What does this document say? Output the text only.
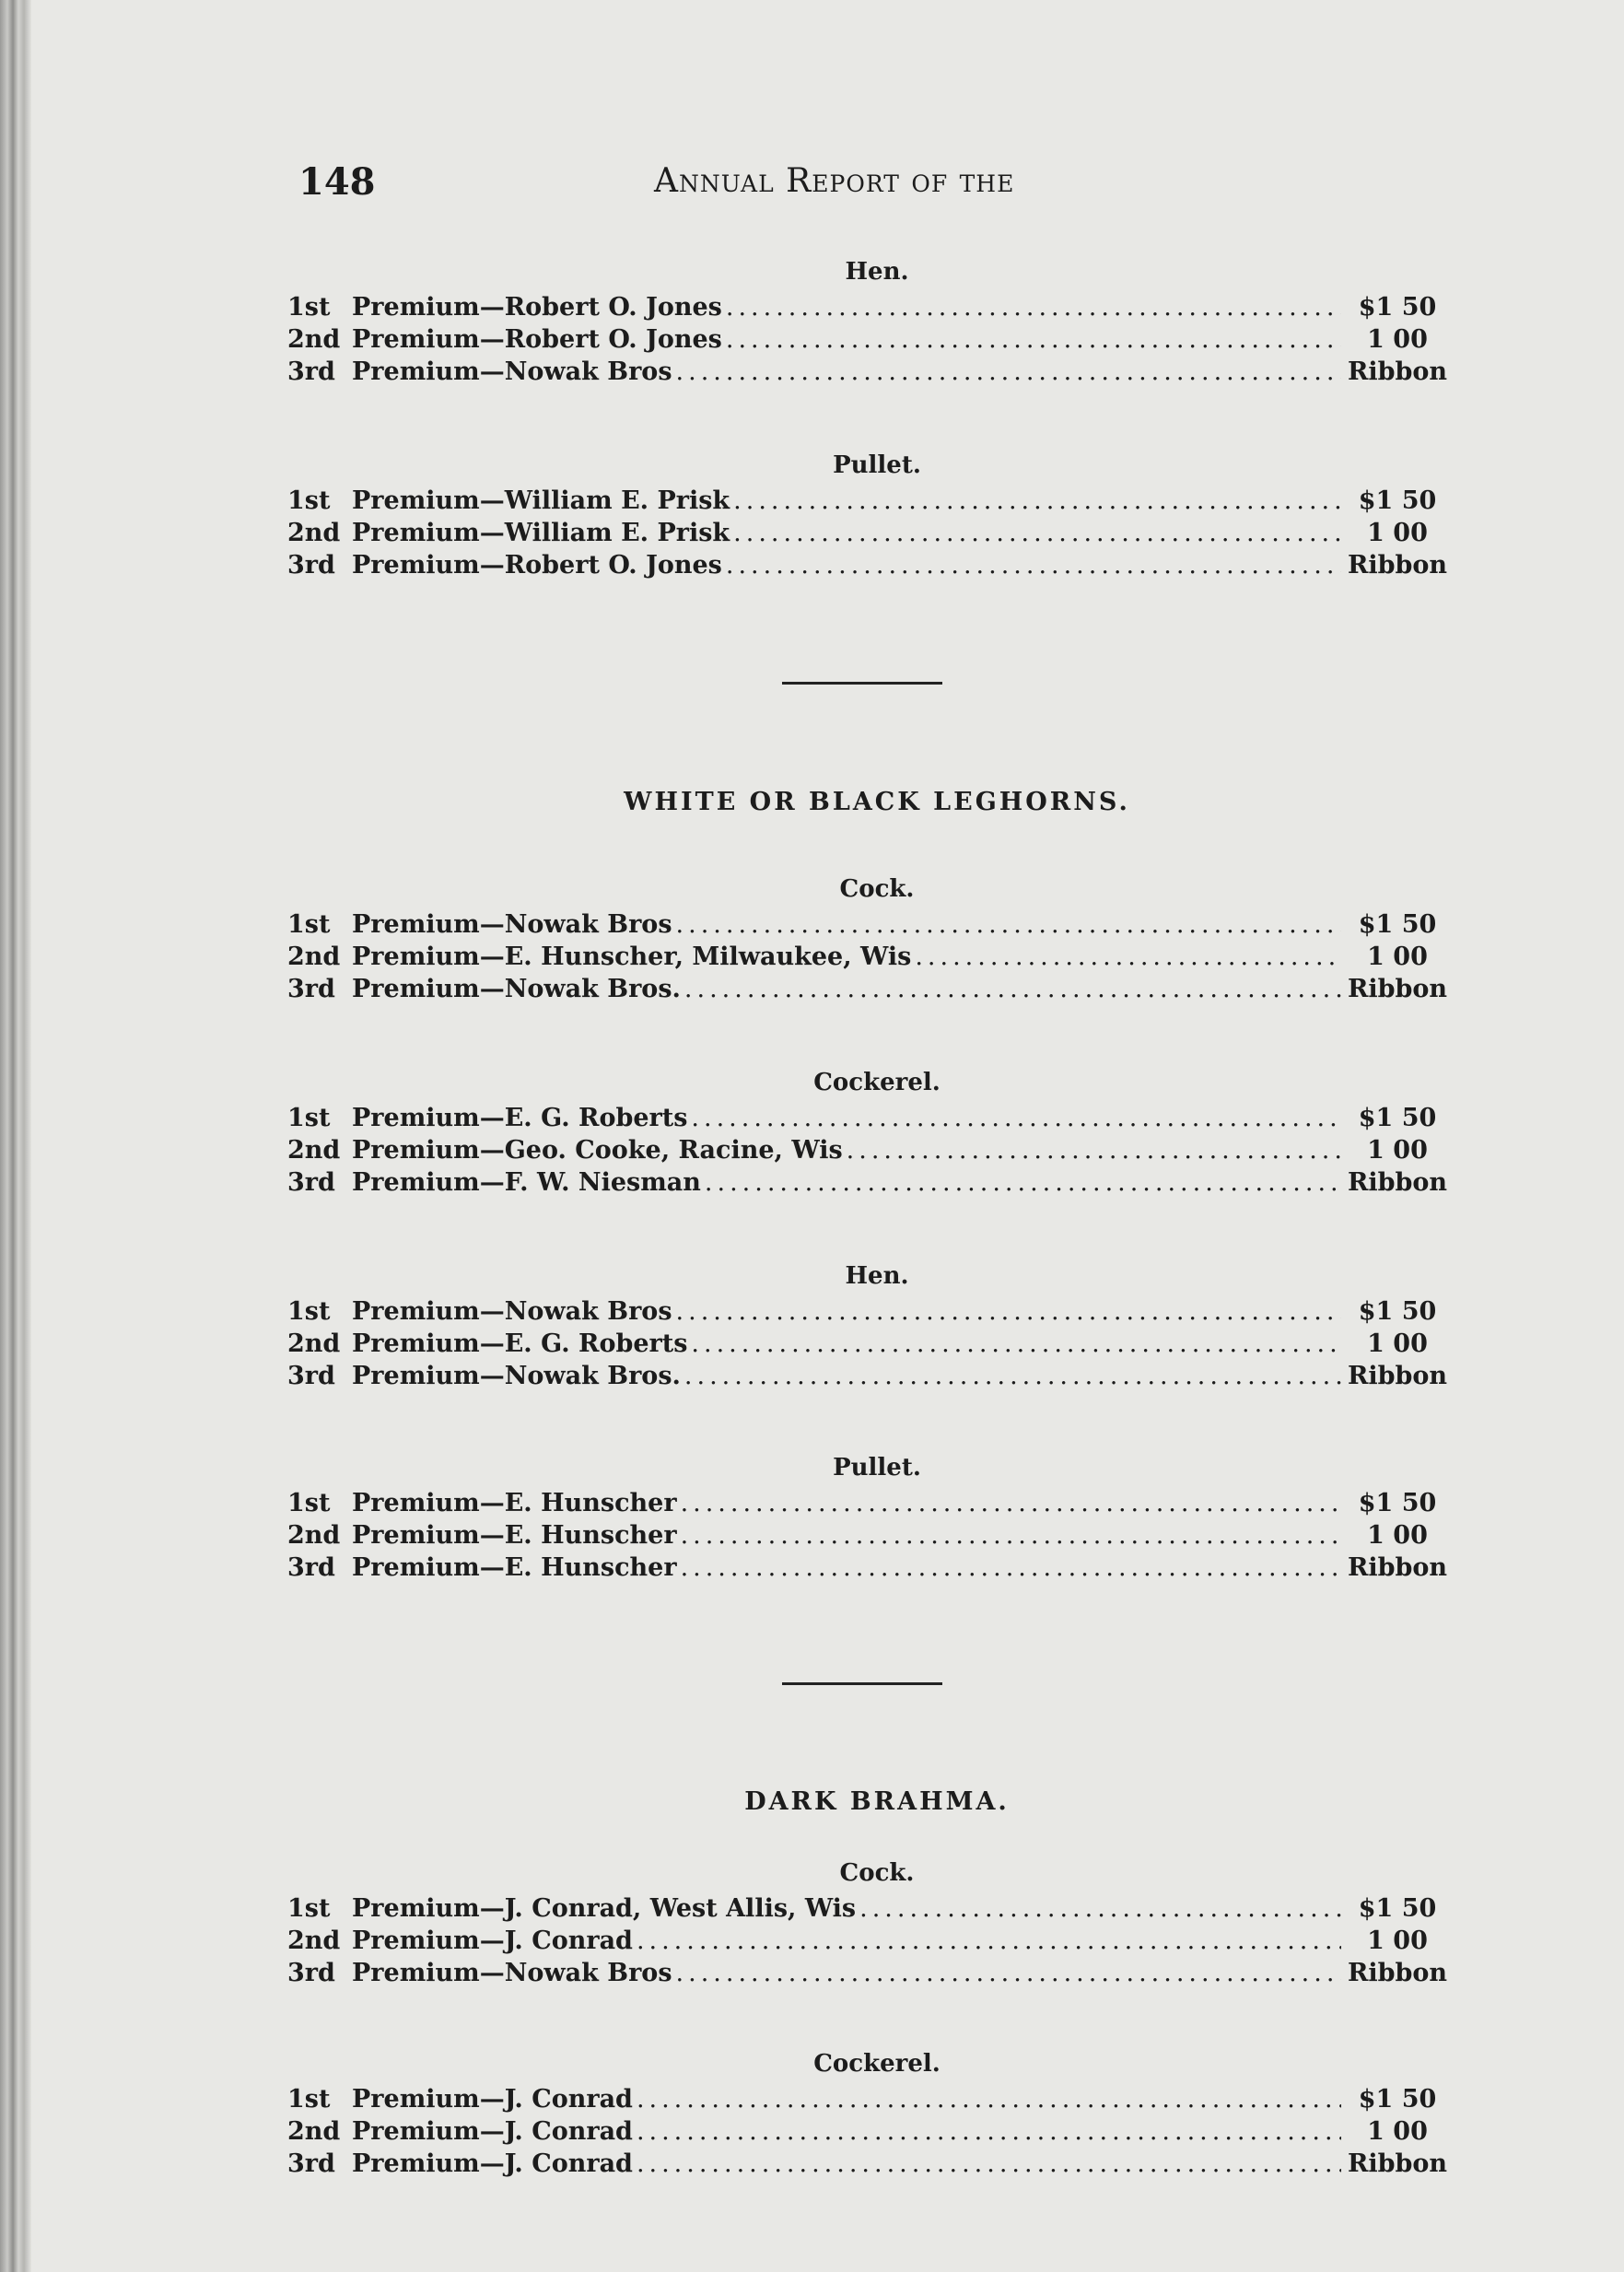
148	Annual Report of the

Hen.

1st Premium—Robert O. Jones .....	$1 50
2nd Premium—Robert O. Jones .....	1 00
3rd Premium—Nowak Bros .....	Ribbon

Pullet.

1st Premium—William E. Prisk .....	$1 50
2nd Premium—William E. Prisk .....	1 00
3rd Premium—Robert O. Jones .....	Ribbon

WHITE OR BLACK LEGHORNS.

Cock.

1st Premium—Nowak Bros .....	$1 50
2nd Premium—E. Hunscher, Milwaukee, Wis .....	1 00
3rd Premium—Nowak Bros. .....	Ribbon

Cockerel.

1st Premium—E. G. Roberts .....	$1 50
2nd Premium—Geo. Cooke, Racine, Wis .....	1 00
3rd Premium—F. W. Niesman .....	Ribbon

Hen.

1st Premium—Nowak Bros .....	$1 50
2nd Premium—E. G. Roberts .....	1 00
3rd Premium—Nowak Bros. .....	Ribbon

Pullet.

1st Premium—E. Hunscher .....	$1 50
2nd Premium—E. Hunscher .....	1 00
3rd Premium—E. Hunscher .....	Ribbon

DARK BRAHMA.

Cock.

1st Premium—J. Conrad, West Allis, Wis .....	$1 50
2nd Premium—J. Conrad .....	1 00
3rd Premium—Nowak Bros .....	Ribbon

Cockerel.

1st Premium—J. Conrad .....	$1 50
2nd Premium—J. Conrad .....	1 00
3rd Premium—J. Conrad .....	Ribbon
